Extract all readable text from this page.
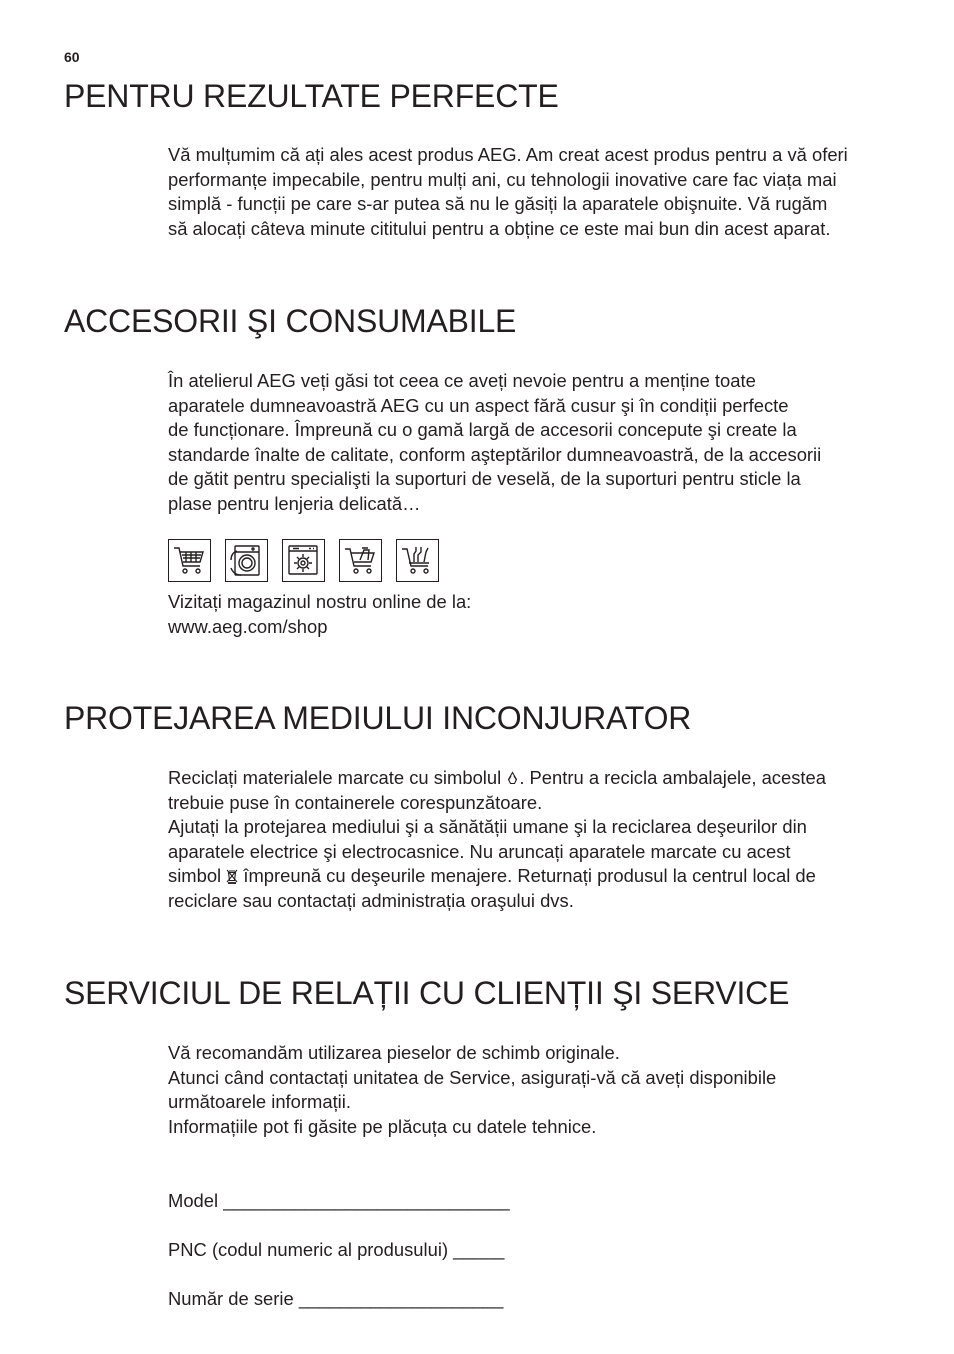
60
PENTRU REZULTATE PERFECTE

Vă mulțumim că ați ales acest produs AEG. Am creat acest produs pentru a vă oferi

performanțe impecabile, pentru mulți ani, cu tehnologii inovative care fac viața mai

simplă - funcții pe care s-ar putea să nu le găsiți la aparatele obişnuite. Vă rugăm

să alocați câteva minute cititului pentru a obține ce este mai bun din acest aparat.

ACCESORII ŞI CONSUMABILE

În atelierul AEG veți găsi tot ceea ce aveți nevoie pentru a menține toate

aparatele dumneavoastră AEG cu un aspect fără cusur şi în condiții perfecte

de funcționare. Împreună cu o gamă largă de accesorii concepute şi create la

standarde înalte de calitate, conform aşteptărilor dumneavoastră, de la accesorii

de gătit pentru specialişti la suporturi de veselă, de la suporturi pentru sticle la

plase pentru lenjeria delicată…

Vizitați magazinul nostru online de la:

www.aeg.com/shop

PROTEJAREA MEDIULUI INCONJURATOR

Reciclați materialele marcate cu simbolul . Pentru a recicla ambalajele, acestea

trebuie puse în containerele corespunzătoare.

Ajutați la protejarea mediului şi a sănătății umane şi la reciclarea deşeurilor din

aparatele electrice şi electrocasnice. Nu aruncați aparatele marcate cu acest

simbol  împreună cu deşeurile menajere. Returnați produsul la centrul local de

reciclare sau contactați administrația oraşului dvs.

SERVICIUL DE RELAȚII CU CLIENȚII ŞI SERVICE

Vă recomandăm utilizarea pieselor de schimb originale.

Atunci când contactați unitatea de Service, asigurați-vă că aveți disponibile

următoarele informații.

Informațiile pot fi găsite pe plăcuța cu datele tehnice.

Model ____________________________
PNC (codul numeric al produsului) _____
Număr de serie ____________________
